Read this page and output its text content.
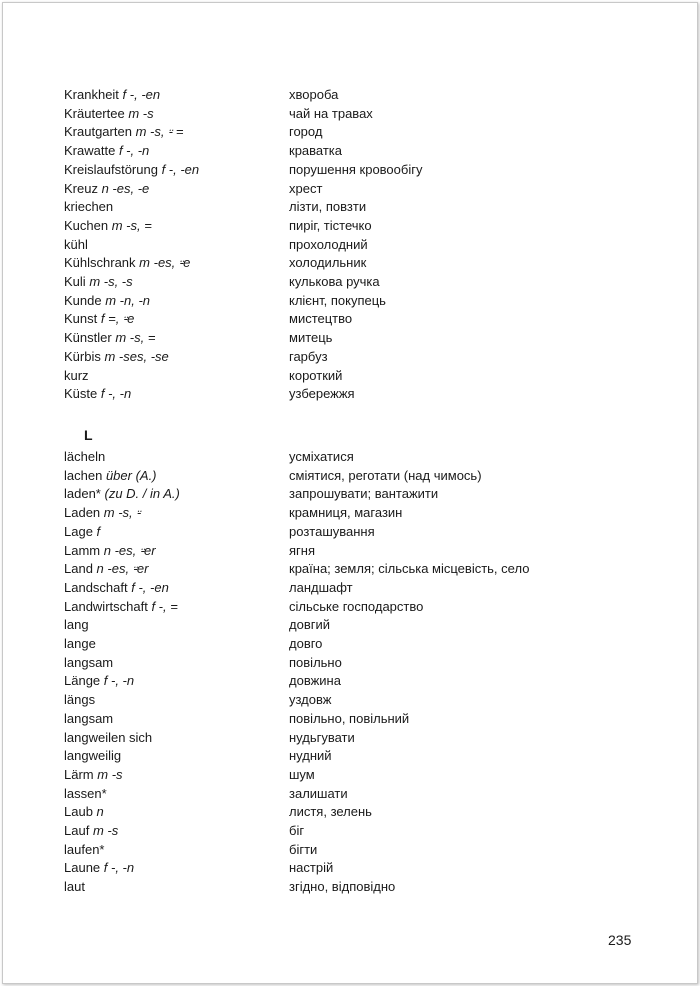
Krankheit f -, -en
Kräutertee m -s
Krautgarten m -s, ⸚ =
Krawatte f -, -n
Kreislaufstörung f -, -en
Kreuz n -es, -e
kriechen
Kuchen m -s, =
kühl
Kühlschrank m -es, ⸚e
Kuli m -s, -s
Kunde m -n, -n
Kunst f =, ⸚e
Künstler m -s, =
Kürbis m -ses, -se
kurz
Küste f -, -n
хвороба
чай на травах
город
краватка
порушення кровообігу
хрест
лізти, повзти
пиріг, тістечко
прохолодний
холодильник
кулькова ручка
клієнт, покупець
мистецтво
митець
гарбуз
короткий
узбережжя
L
lächeln
lachen über (A.)
laden* (zu D. / in A.)
Laden m -s, ⸚
Lage f
Lamm n -es, ⸚er
Land n -es, ⸚er
Landschaft f -, -en
Landwirtschaft f -, =
lang
lange
langsam
Länge f -, -n
längs
langsam
langweilen sich
langweilig
Lärm m -s
lassen*
Laub n
Lauf m -s
laufen*
Laune f -, -n
laut
усміхатися
сміятися, реготати (над чимось)
запрошувати; вантажити
крамниця, магазин
розташування
ягня
країна; земля; сільська місцевість, село
ландшафт
сільське господарство
довгий
довго
повільно
довжина
уздовж
повільно, повільний
нудьгувати
нудний
шум
залишати
листя, зелень
біг
бігти
настрій
згідно, відповідно
235
